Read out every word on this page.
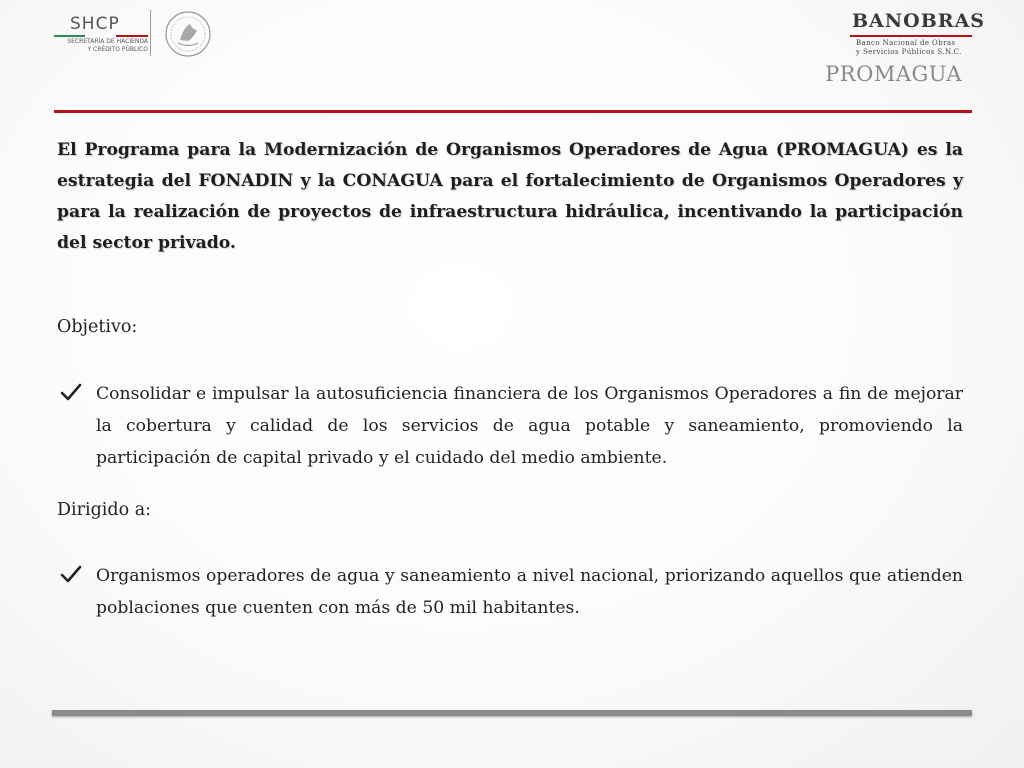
SHCP
SECRETARÍA DE HACIENDA
Y CRÉDITO PÚBLICO
BANOBRAS
Banco Nacional de Obras
y Servicios Públicos S.N.C.
PROMAGUA
El Programa para la Modernización de Organismos Operadores de Agua (PROMAGUA) es la estrategia del FONADIN y la CONAGUA para el fortalecimiento de Organismos Operadores y para la realización de proyectos de infraestructura hidráulica, incentivando la participación del sector privado.
Objetivo:
Consolidar e impulsar la autosuficiencia financiera de los Organismos Operadores a fin de mejorar la cobertura y calidad de los servicios de agua potable y saneamiento, promoviendo la participación de capital privado y el cuidado del medio ambiente.
Dirigido a:
Organismos operadores de agua y saneamiento a nivel nacional, priorizando aquellos que atienden poblaciones que cuenten con más de 50 mil habitantes.
